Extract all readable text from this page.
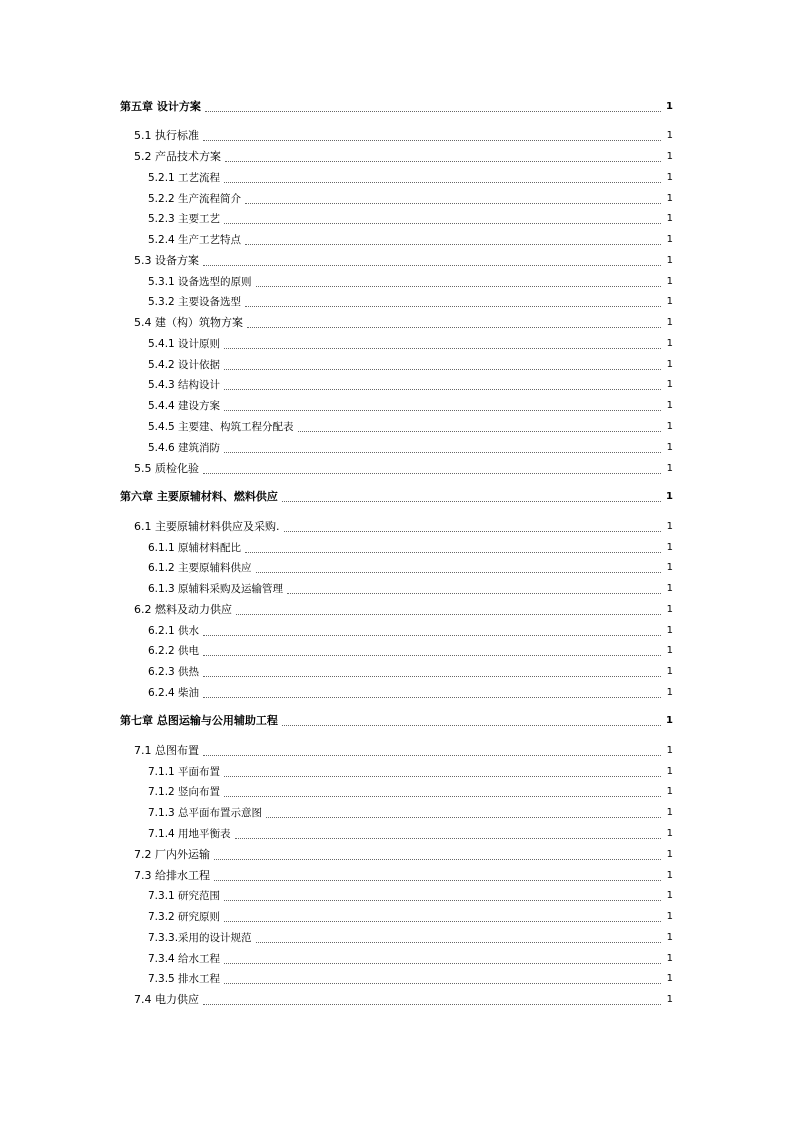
第五章 设计方案	1
5.1 执行标准	1
5.2 产品技术方案	1
5.2.1 工艺流程	1
5.2.2 生产流程简介	1
5.2.3 主要工艺	1
5.2.4 生产工艺特点	1
5.3 设备方案	1
5.3.1 设备选型的原则	1
5.3.2 主要设备选型	1
5.4 建（构）筑物方案	1
5.4.1 设计原则	1
5.4.2 设计依据	1
5.4.3 结构设计	1
5.4.4 建设方案	1
5.4.5 主要建、构筑工程分配表	1
5.4.6 建筑消防	1
5.5 质检化验	1
第六章 主要原辅材料、燃料供应	1
6.1 主要原辅材料供应及采购.	1
6.1.1 原辅材料配比	1
6.1.2 主要原辅料供应	1
6.1.3 原辅料采购及运输管理	1
6.2 燃料及动力供应	1
6.2.1 供水	1
6.2.2 供电	1
6.2.3 供热	1
6.2.4 柴油	1
第七章 总图运输与公用辅助工程	1
7.1 总图布置	1
7.1.1 平面布置	1
7.1.2 竖向布置	1
7.1.3 总平面布置示意图	1
7.1.4 用地平衡表	1
7.2 厂内外运输	1
7.3 给排水工程	1
7.3.1 研究范围	1
7.3.2 研究原则	1
7.3.3.采用的设计规范	1
7.3.4 给水工程	1
7.3.5 排水工程	1
7.4 电力供应	1
